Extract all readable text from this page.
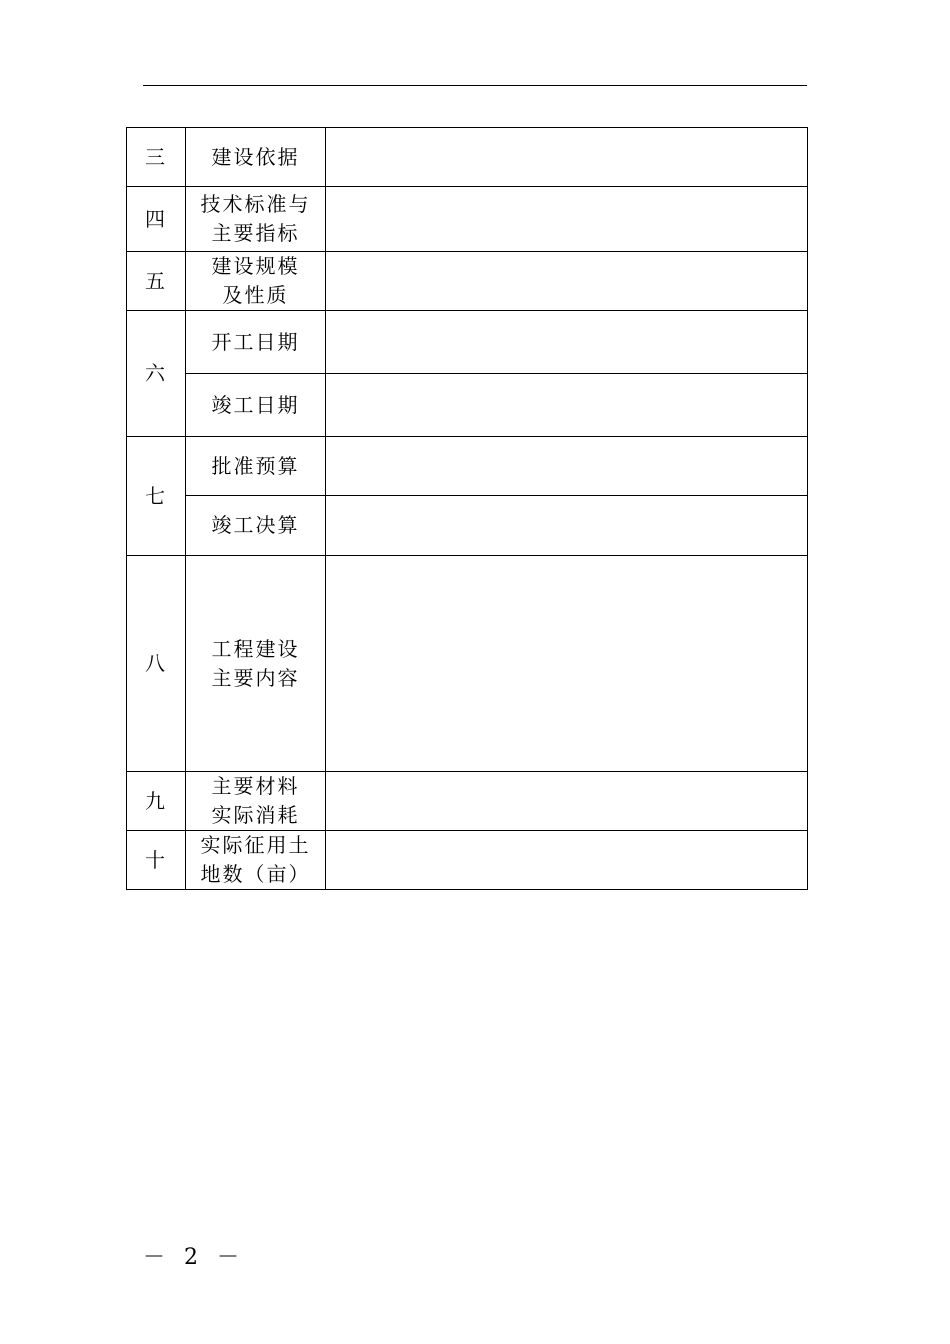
三	建设依据	

四	技术标准与
主要指标	

五	建设规模
及性质	

六	开工日期	

	竣工日期	

七	批准预算	

	竣工决算	

八	工程建设
主要内容	

九	主要材料
实际消耗	

十	实际征用土
地数（亩）	

－ 2 －
